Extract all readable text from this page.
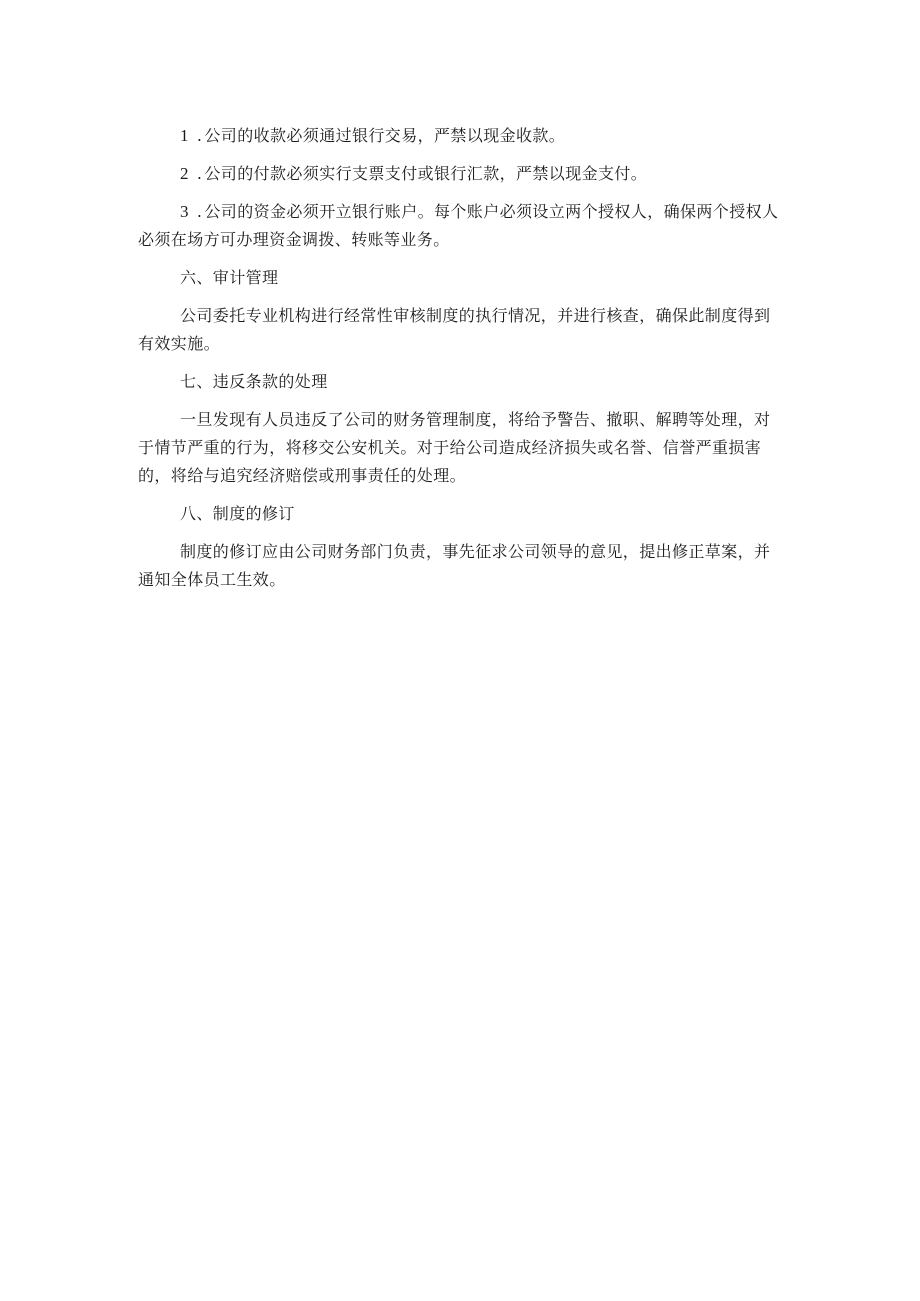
1 . 公司的收款必须通过银行交易，严禁以现金收款。

2 . 公司的付款必须实行支票支付或银行汇款，严禁以现金支付。

3 . 公司的资金必须开立银行账户。每个账户必须设立两个授权人，确保两个授权人必须在场方可办理资金调拨、转账等业务。

六、审计管理

公司委托专业机构进行经常性审核制度的执行情况，并进行核查，确保此制度得到有效实施。

七、违反条款的处理

一旦发现有人员违反了公司的财务管理制度，将给予警告、撤职、解聘等处理，对于情节严重的行为，将移交公安机关。对于给公司造成经济损失或名誉、信誉严重损害的，将给与追究经济赔偿或刑事责任的处理。

八、制度的修订

制度的修订应由公司财务部门负责，事先征求公司领导的意见，提出修正草案，并通知全体员工生效。
